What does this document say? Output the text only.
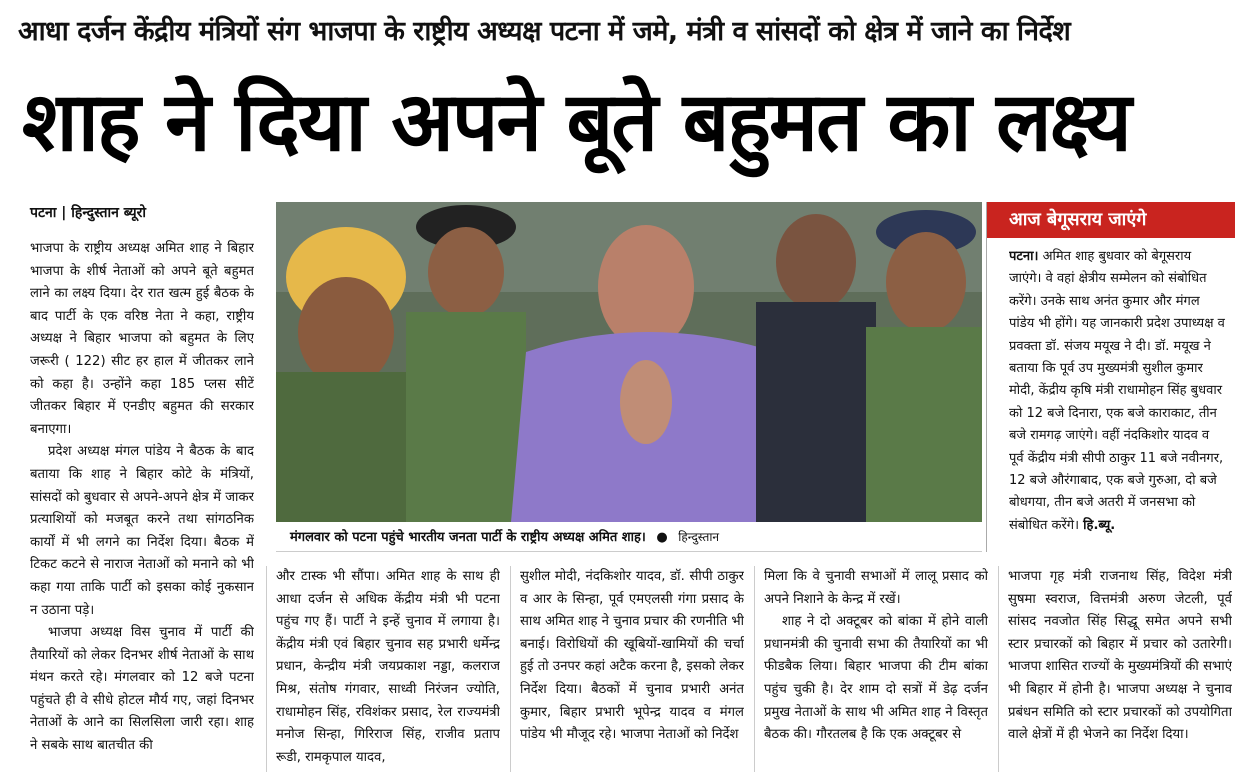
आधा दर्जन केंद्रीय मंत्रियों संग भाजपा के राष्ट्रीय अध्यक्ष पटना में जमे, मंत्री व सांसदों को क्षेत्र में जाने का निर्देश
शाह ने दिया अपने बूते बहुमत का लक्ष्य
पटना | हिन्दुस्तान ब्यूरो

भाजपा के राष्ट्रीय अध्यक्ष अमित शाह ने बिहार भाजपा के शीर्ष नेताओं को अपने बूते बहुमत लाने का लक्ष्य दिया। देर रात खत्म हुई बैठक के बाद पार्टी के एक वरिष्ठ नेता ने कहा, राष्ट्रीय अध्यक्ष ने बिहार भाजपा को बहुमत के लिए जरूरी ( 122) सीट हर हाल में जीतकर लाने को कहा है। उन्होंने कहा 185 प्लस सीटें जीतकर बिहार में एनडीए बहुमत की सरकार बनाएगा।

प्रदेश अध्यक्ष मंगल पांडेय ने बैठक के बाद बताया कि शाह ने बिहार कोटे के मंत्रियों, सांसदों को बुधवार से अपने-अपने क्षेत्र में जाकर प्रत्याशियों को मजबूत करने तथा सांगठनिक कार्यों में भी लगने का निर्देश दिया। बैठक में टिकट कटने से नाराज नेताओं को मनाने को भी कहा गया ताकि पार्टी को इसका कोई नुकसान न उठाना पड़े।

भाजपा अध्यक्ष विस चुनाव में पार्टी की तैयारियों को लेकर दिनभर शीर्ष नेताओं के साथ मंथन करते रहे। मंगलवार को 12 बजे पटना पहुंचते ही वे सीधे होटल मौर्य गए, जहां दिनभर नेताओं के आने का सिलसिला जारी रहा। शाह ने सबके साथ बातचीत की

मंगलवार को पटना पहुंचे भारतीय जनता पार्टी के राष्ट्रीय अध्यक्ष अमित शाह। ● हिन्दुस्तान
आज बेगूसराय जाएंगे
पटना। अमित शाह बुधवार को बेगूसराय जाएंगे। वे वहां क्षेत्रीय सम्मेलन को संबोधित करेंगे। उनके साथ अनंत कुमार और मंगल पांडेय भी होंगे। यह जानकारी प्रदेश उपाध्यक्ष व प्रवक्ता डॉ. संजय मयूख ने दी। डॉ. मयूख ने बताया कि पूर्व उप मुख्यमंत्री सुशील कुमार मोदी, केंद्रीय कृषि मंत्री राधामोहन सिंह बुधवार को 12 बजे दिनारा, एक बजे काराकाट, तीन बजे रामगढ़ जाएंगे। वहीं नंदकिशोर यादव व पूर्व केंद्रीय मंत्री सीपी ठाकुर 11 बजे नवीनगर, 12 बजे औरंगाबाद, एक बजे गुरुआ, दो बजे बोधगया, तीन बजे अतरी में जनसभा को संबोधित करेंगे। हि.ब्यू.

और टास्क भी सौंपा। अमित शाह के साथ ही आधा दर्जन से अधिक केंद्रीय मंत्री भी पटना पहुंच गए हैं। पार्टी ने इन्हें चुनाव में लगाया है। केंद्रीय मंत्री एवं बिहार चुनाव सह प्रभारी धर्मेन्द्र प्रधान, केन्द्रीय मंत्री जयप्रकाश नड्डा, कलराज मिश्र, संतोष गंगवार, साध्वी निरंजन ज्योति, राधामोहन सिंह, रविशंकर प्रसाद, रेल राज्यमंत्री मनोज सिन्हा, गिरिराज सिंह, राजीव प्रताप रूडी, रामकृपाल यादव,

सुशील मोदी, नंदकिशोर यादव, डॉ. सीपी ठाकुर व आर के सिन्हा, पूर्व एमएलसी गंगा प्रसाद के साथ अमित शाह ने चुनाव प्रचार की रणनीति भी बनाई। विरोधियों की खूबियों-खामियों की चर्चा हुई तो उनपर कहां अटैक करना है, इसको लेकर निर्देश दिया। बैठकों में चुनाव प्रभारी अनंत कुमार, बिहार प्रभारी भूपेन्द्र यादव व मंगल पांडेय भी मौजूद रहे। भाजपा नेताओं को निर्देश

मिला कि वे चुनावी सभाओं में लालू प्रसाद को अपने निशाने के केन्द्र में रखें।

शाह ने दो अक्टूबर को बांका में होने वाली प्रधानमंत्री की चुनावी सभा की तैयारियों का भी फीडबैक लिया। बिहार भाजपा की टीम बांका पहुंच चुकी है। देर शाम दो सत्रों में डेढ़ दर्जन प्रमुख नेताओं के साथ भी अमित शाह ने विस्तृत बैठक की। गौरतलब है कि एक अक्टूबर से

भाजपा गृह मंत्री राजनाथ सिंह, विदेश मंत्री सुषमा स्वराज, वित्तमंत्री अरुण जेटली, पूर्व सांसद नवजोत सिंह सिद्धू समेत अपने सभी स्टार प्रचारकों को बिहार में प्रचार को उतारेगी। भाजपा शासित राज्यों के मुख्यमंत्रियों की सभाएं भी बिहार में होनी है। भाजपा अध्यक्ष ने चुनाव प्रबंधन समिति को स्टार प्रचारकों को उपयोगिता वाले क्षेत्रों में ही भेजने का निर्देश दिया।
